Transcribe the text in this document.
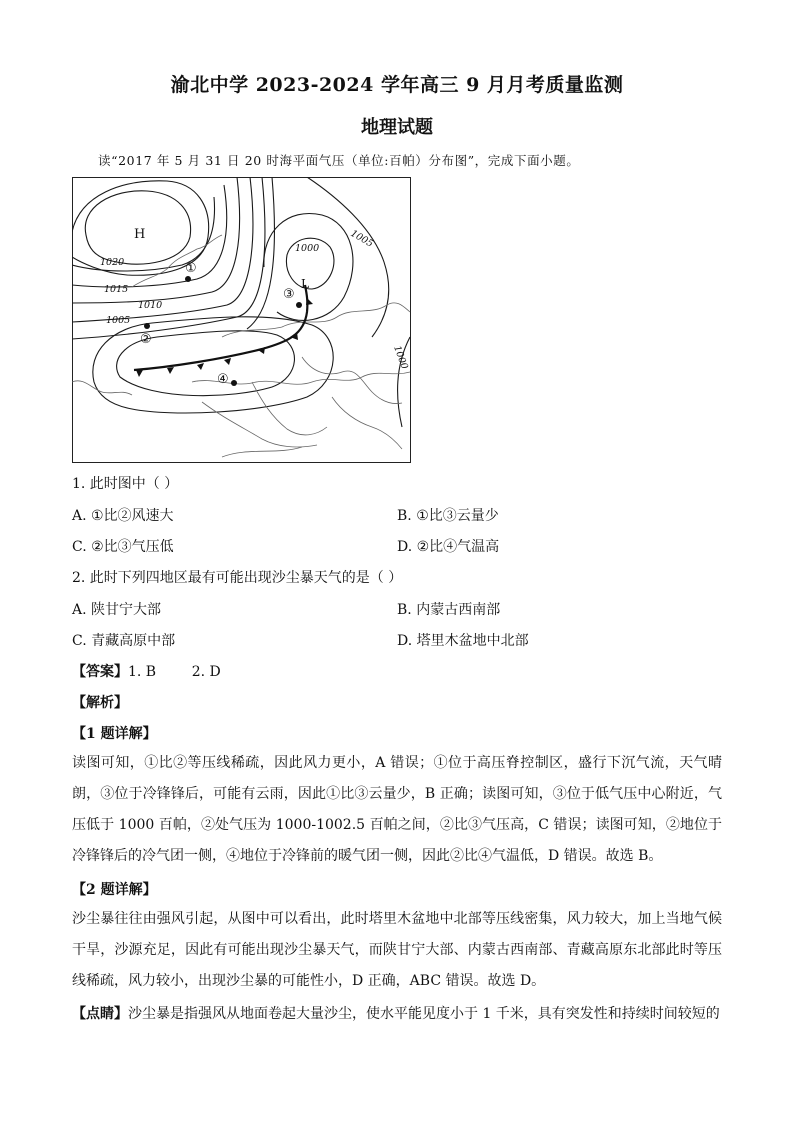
渝北中学 2023-2024 学年高三 9 月月考质量监测
地理试题
读“2017 年 5 月 31 日 20 时海平面气压（单位:百帕）分布图”，完成下面小题。
1020
1015
1010
1005
1000	1005
1000
H
L
①
②
③
④
1. 此时图中（ ）
A. ①比②风速大	B. ①比③云量少
C. ②比③气压低	D. ②比④气温高
2. 此时下列四地区最有可能出现沙尘暴天气的是（ ）
A. 陕甘宁大部	B. 内蒙古西南部
C. 青藏高原中部	D. 塔里木盆地中北部
【答案】1. B        2. D
【解析】
【1 题详解】
读图可知，①比②等压线稀疏，因此风力更小，A 错误；①位于高压脊控制区，盛行下沉气流，天气晴朗，③位于冷锋锋后，可能有云雨，因此①比③云量少，B 正确；读图可知，③位于低气压中心附近，气压低于 1000 百帕，②处气压为 1000-1002.5 百帕之间，②比③气压高，C 错误；读图可知，②地位于冷锋锋后的冷气团一侧，④地位于冷锋前的暖气团一侧，因此②比④气温低，D 错误。故选 B。
【2 题详解】
沙尘暴往往由强风引起，从图中可以看出，此时塔里木盆地中北部等压线密集，风力较大，加上当地气候干旱，沙源充足，因此有可能出现沙尘暴天气，而陕甘宁大部、内蒙古西南部、青藏高原东北部此时等压线稀疏，风力较小，出现沙尘暴的可能性小，D 正确，ABC 错误。故选 D。
【点睛】沙尘暴是指强风从地面卷起大量沙尘，使水平能见度小于 1 千米，具有突发性和持续时间较短的
